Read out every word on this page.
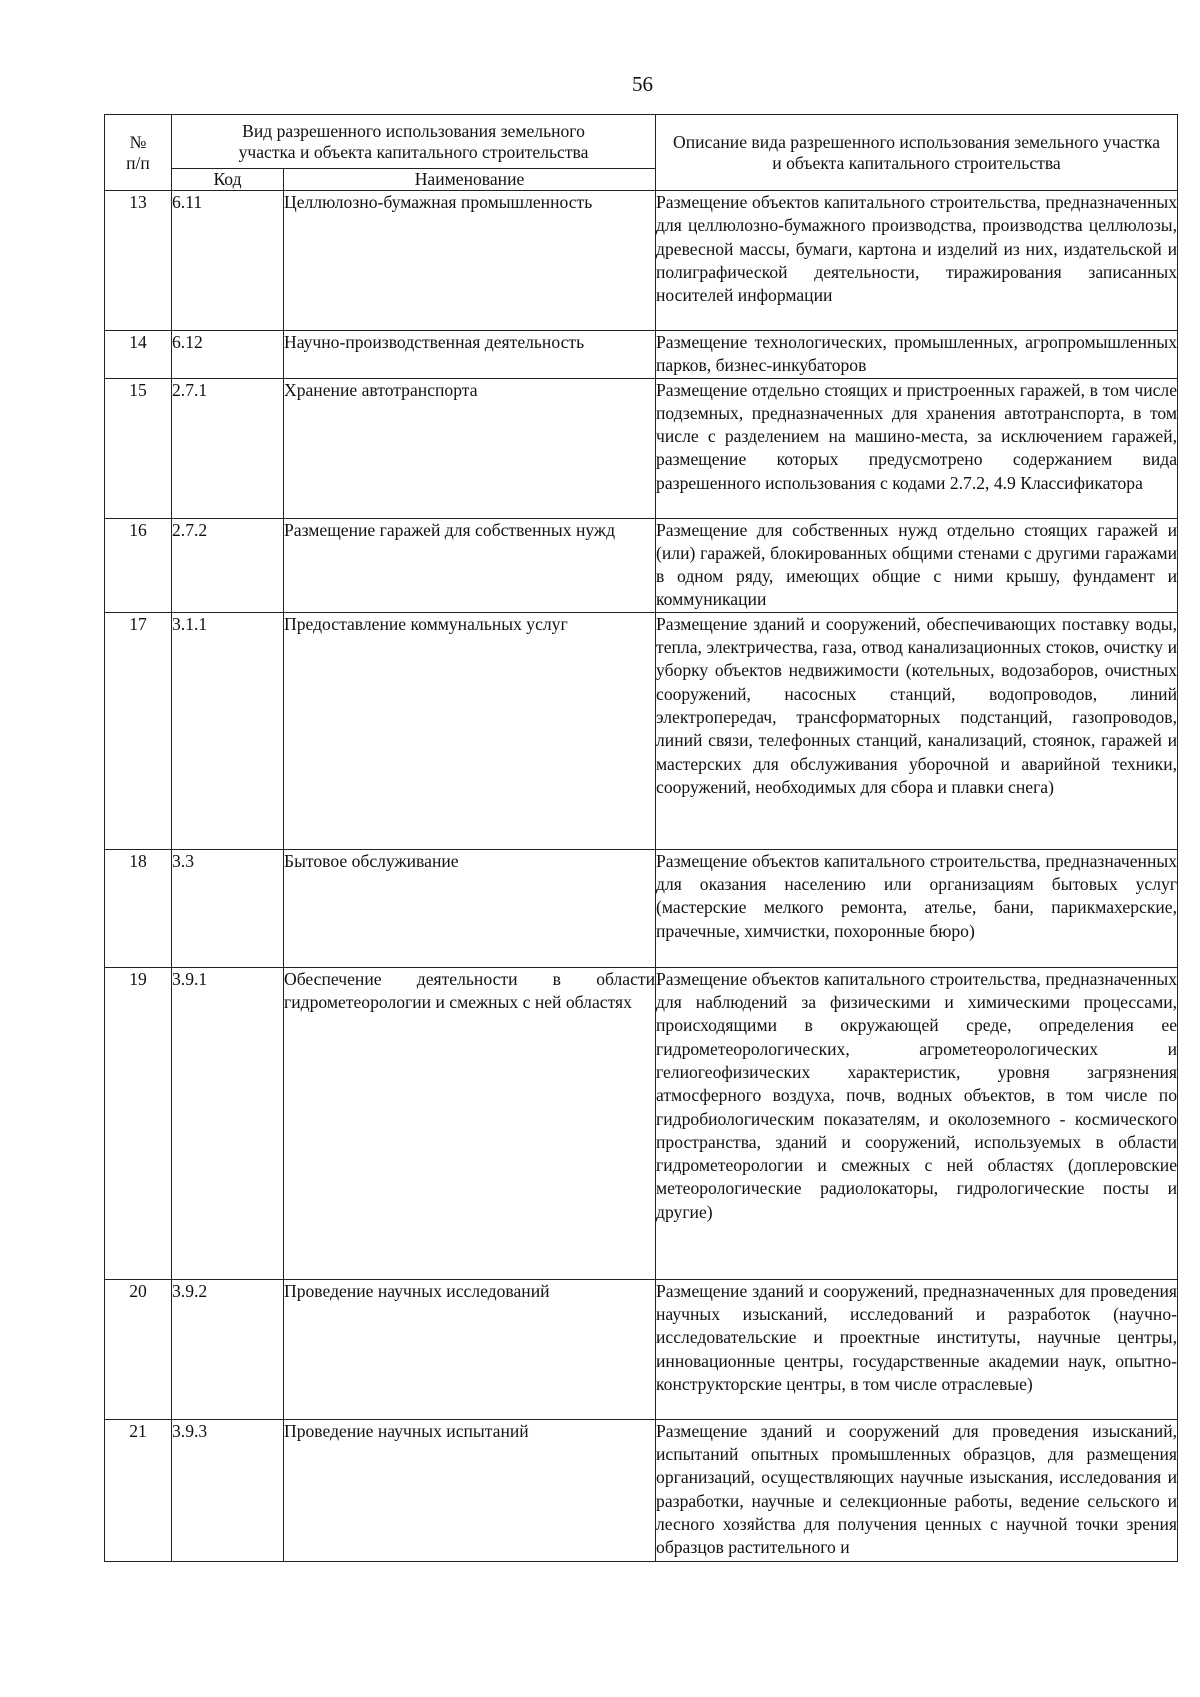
56
№
п/п	Вид разрешенного использования земельного участка и объекта капитального строительства		Описание вида разрешенного использования земельного участка и объекта капитального строительства
	Код	Наименование	
13	6.11	Целлюлозно-бумажная промышленность	Размещение объектов капитального строительства, предназначенных для целлюлозно-бумажного производства, производства целлюлозы, древесной массы, бумаги, картона и изделий из них, издательской и полиграфической деятельности, тиражирования записанных носителей информации
14	6.12	Научно-производственная деятельность	Размещение технологических, промышленных, агропромышленных парков, бизнес-инкубаторов
15	2.7.1	Хранение автотранспорта	Размещение отдельно стоящих и пристроенных гаражей, в том числе подземных, предназначенных для хранения автотранспорта, в том числе с разделением на машино-места, за исключением гаражей, размещение которых предусмотрено содержанием вида разрешенного использования с кодами 2.7.2, 4.9 Классификатора
16	2.7.2	Размещение гаражей для собственных нужд	Размещение для собственных нужд отдельно стоящих гаражей и (или) гаражей, блокированных общими стенами с другими гаражами в одном ряду, имеющих общие с ними крышу, фундамент и коммуникации
17	3.1.1	Предоставление коммунальных услуг	Размещение зданий и сооружений, обеспечивающих поставку воды, тепла, электричества, газа, отвод канализационных стоков, очистку и уборку объектов недвижимости (котельных, водозаборов, очистных сооружений, насосных станций, водопроводов, линий электропередач, трансформаторных подстанций, газопроводов, линий связи, телефонных станций, канализаций, стоянок, гаражей и мастерских для обслуживания уборочной и аварийной техники, сооружений, необходимых для сбора и плавки снега)
18	3.3	Бытовое обслуживание	Размещение объектов капитального строительства, предназначенных для оказания населению или организациям бытовых услуг (мастерские мелкого ремонта, ателье, бани, парикмахерские, прачечные, химчистки, похоронные бюро)
19	3.9.1	Обеспечение деятельности в области гидрометеорологии и смежных с ней областях	Размещение объектов капитального строительства, предназначенных для наблюдений за физическими и химическими процессами, происходящими в окружающей среде, определения ее гидрометеорологических, агрометеорологических и гелиогеофизических характеристик, уровня загрязнения атмосферного воздуха, почв, водных объектов, в том числе по гидробиологическим показателям, и околоземного - космического пространства, зданий и сооружений, используемых в области гидрометеорологии и смежных с ней областях (доплеровские метеорологические радиолокаторы, гидрологические посты и другие)
20	3.9.2	Проведение научных исследований	Размещение зданий и сооружений, предназначенных для проведения научных изысканий, исследований и разработок (научно-исследовательские и проектные институты, научные центры, инновационные центры, государственные академии наук, опытно-конструкторские центры, в том числе отраслевые)
21	3.9.3	Проведение научных испытаний	Размещение зданий и сооружений для проведения изысканий, испытаний опытных промышленных образцов, для размещения организаций, осуществляющих научные изыскания, исследования и разработки, научные и селекционные работы, ведение сельского и лесного хозяйства для получения ценных с научной точки зрения образцов растительного и
